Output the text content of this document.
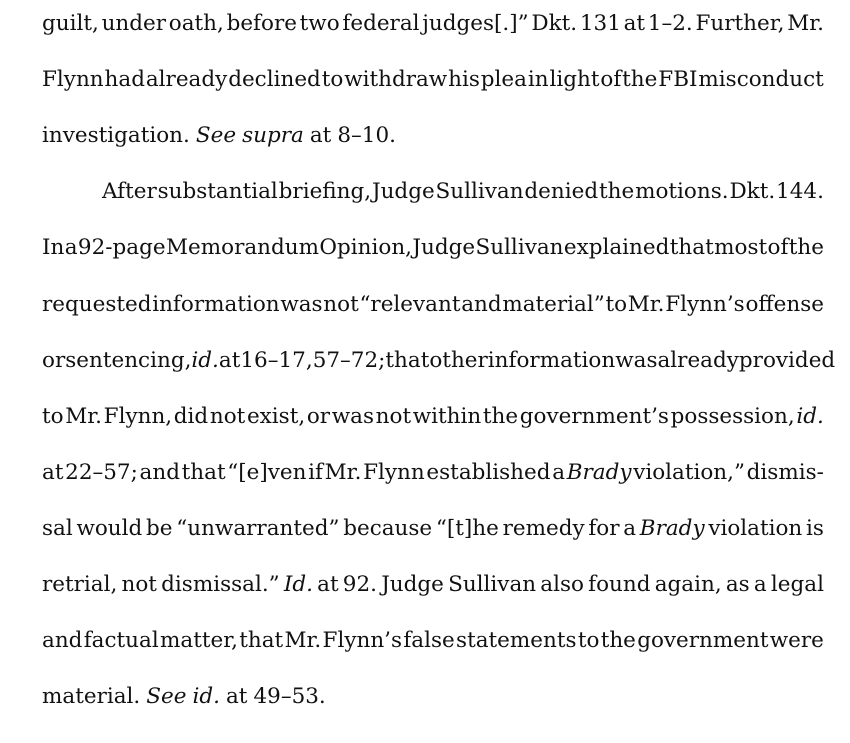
guilt, under oath, before two federal judges[.]” Dkt. 131 at 1–2. Further, Mr.
Flynn had already declined to withdraw his plea in light of the FBI misconduct
investigation. See supra at 8–10.
After substantial briefing, Judge Sullivan denied the motions. Dkt. 144.
In a 92-page Memorandum Opinion, Judge Sullivan explained that most of the
requested information was not “relevant and material” to Mr. Flynn’s offense
or sentencing, id. at 16–17, 57–72; that other information was already provided
to Mr. Flynn, did not exist, or was not within the government’s possession, id.
at 22–57; and that “[e]ven if Mr. Flynn established a Brady violation,” dismis-
sal would be “unwarranted” because “[t]he remedy for a Brady violation is
retrial, not dismissal.” Id. at 92. Judge Sullivan also found again, as a legal
and factual matter, that Mr. Flynn’s false statements to the government were
material. See id. at 49–53.
